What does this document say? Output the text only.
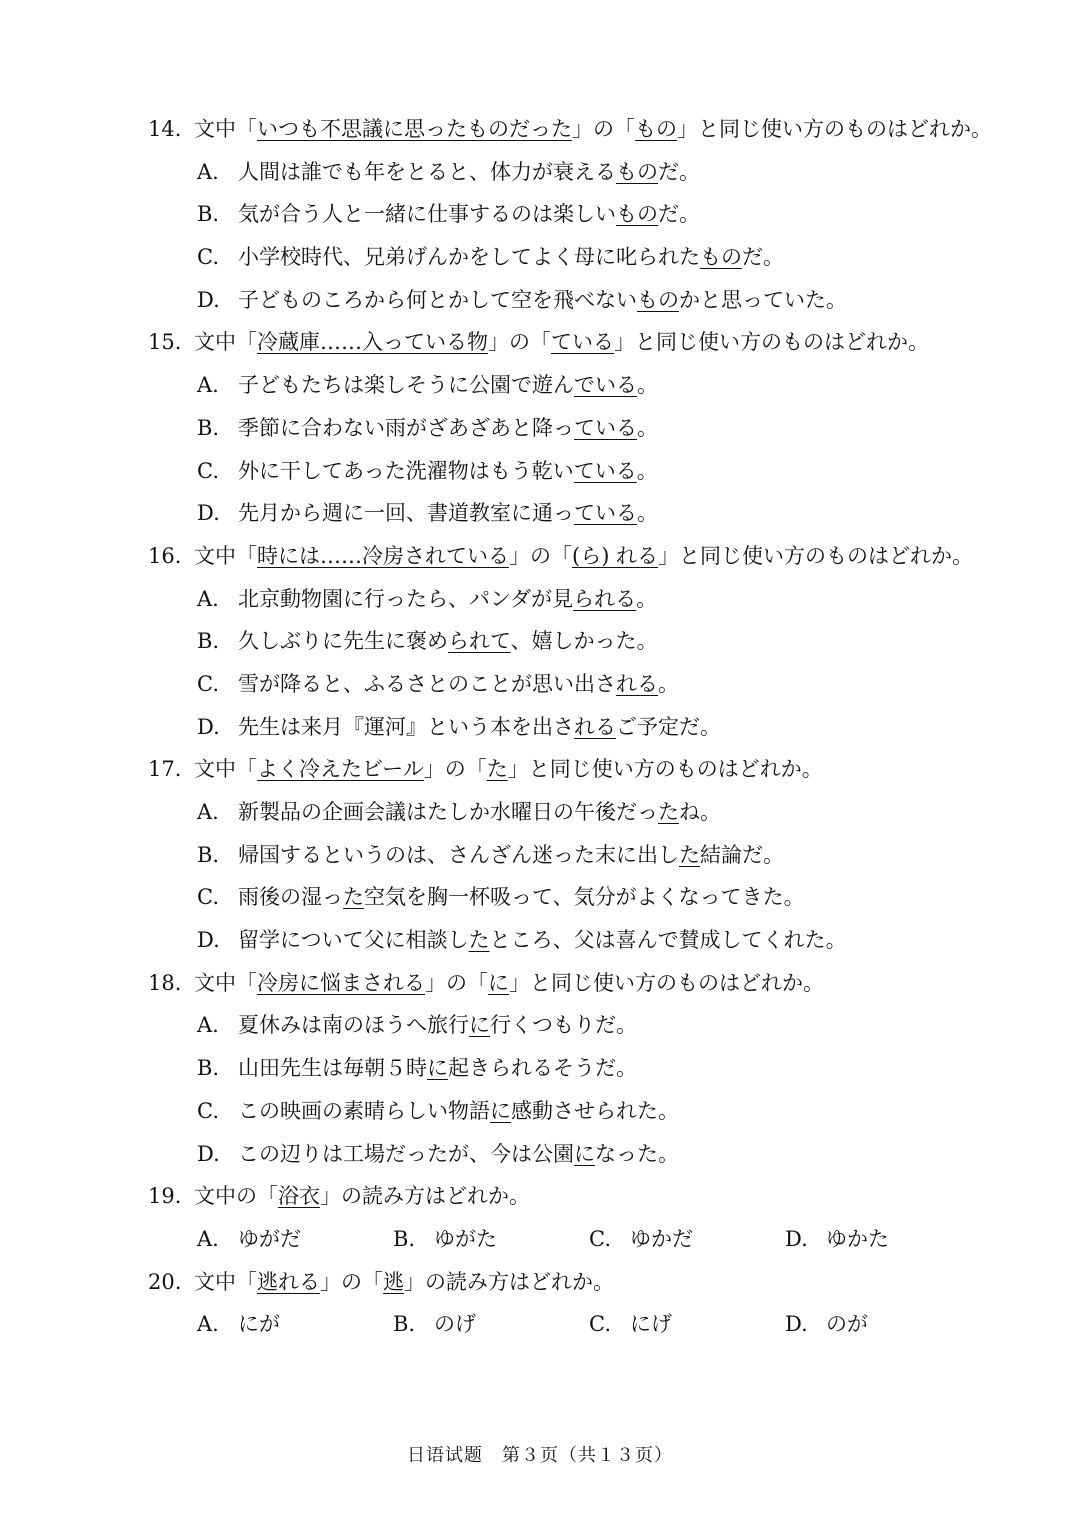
14. 文中「いつも不思議に思ったものだった」の「もの」と同じ使い方のものはどれか。
A. 人間は誰でも年をとると、体力が衰えるものだ。
B. 気が合う人と一緒に仕事するのは楽しいものだ。
C. 小学校時代、兄弟げんかをしてよく母に叱られたものだ。
D. 子どものころから何とかして空を飛べないものかと思っていた。
15. 文中「冷蔵庫……入っている物」の「ている」と同じ使い方のものはどれか。
A. 子どもたちは楽しそうに公園で遊んでいる。
B. 季節に合わない雨がざあざあと降っている。
C. 外に干してあった洗濯物はもう乾いている。
D. 先月から週に一回、書道教室に通っている。
16. 文中「時には……冷房されている」の「(ら) れる」と同じ使い方のものはどれか。
A. 北京動物園に行ったら、パンダが見られる。
B. 久しぶりに先生に褒められて、嬉しかった。
C. 雪が降ると、ふるさとのことが思い出される。
D. 先生は来月『運河』という本を出されるご予定だ。
17. 文中「よく冷えたビール」の「た」と同じ使い方のものはどれか。
A. 新製品の企画会議はたしか水曜日の午後だったね。
B. 帰国するというのは、さんざん迷った末に出した結論だ。
C. 雨後の湿った空気を胸一杯吸って、気分がよくなってきた。
D. 留学について父に相談したところ、父は喜んで賛成してくれた。
18. 文中「冷房に悩まされる」の「に」と同じ使い方のものはどれか。
A. 夏休みは南のほうへ旅行に行くつもりだ。
B. 山田先生は毎朝５時に起きられるそうだ。
C. この映画の素晴らしい物語に感動させられた。
D. この辺りは工場だったが、今は公園になった。
19. 文中の「浴衣」の読み方はどれか。
A. ゆがだ	B. ゆがた	C. ゆかだ	D. ゆかた
20. 文中「逃れる」の「逃」の読み方はどれか。
A. にが	B. のげ	C. にげ	D. のが
日语试题　第３页（共１３页）
